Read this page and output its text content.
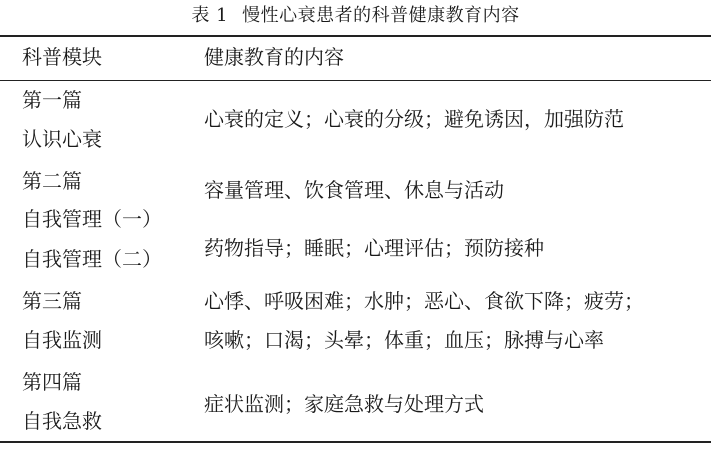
表 1 慢性心衰患者的科普健康教育内容
科普模块	健康教育的内容
第一篇
认识心衰
心衰的定义；心衰的分级；避免诱因，加强防范
第二篇
自我管理（一）
容量管理、饮食管理、休息与活动
自我管理（二） 药物指导；睡眠；心理评估；预防接种
第三篇
自我监测
心悸、呼吸困难；水肿；恶心、食欲下降；疲劳；
咳嗽；口渴；头晕；体重；血压；脉搏与心率
第四篇
自我急救
症状监测；家庭急救与处理方式
